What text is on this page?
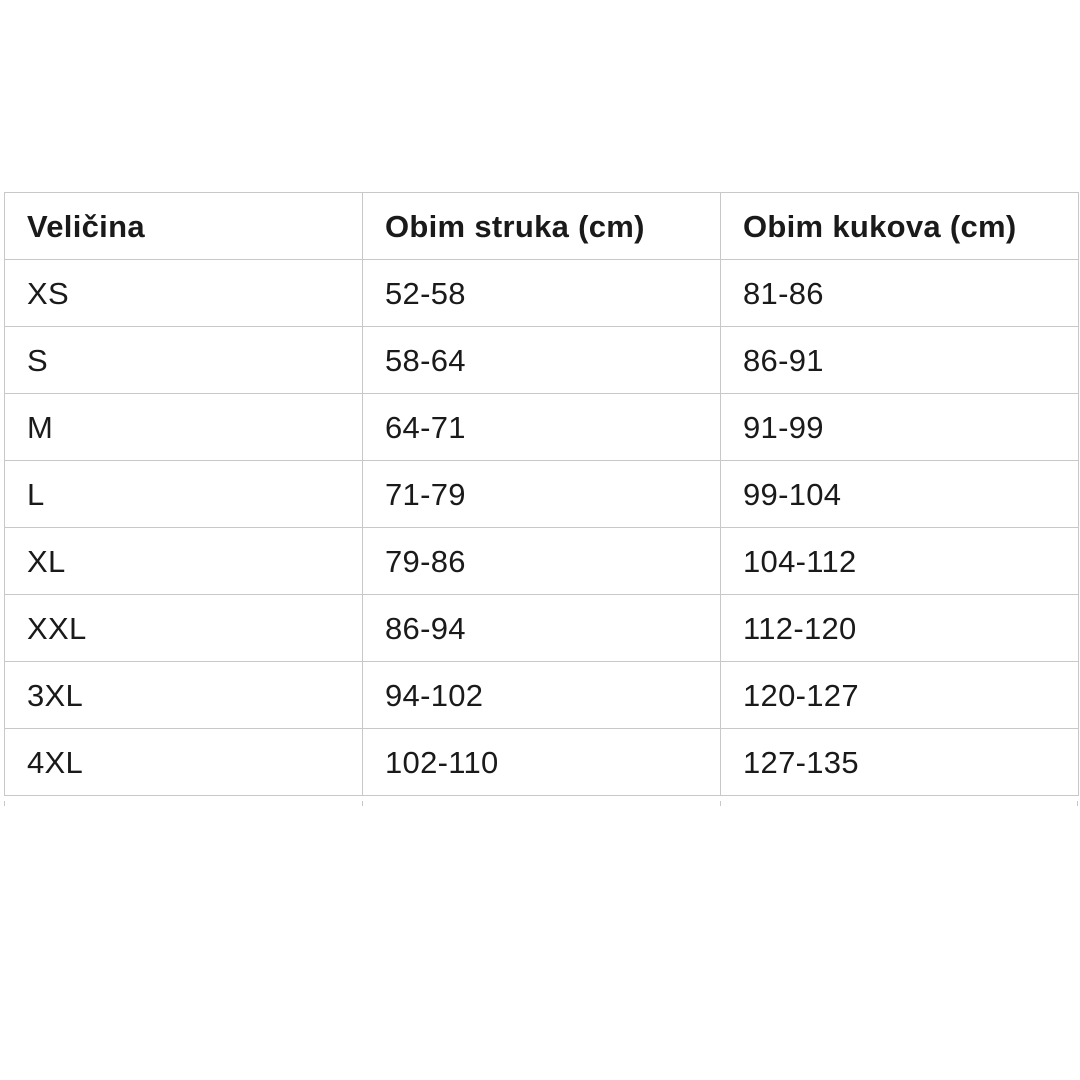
Veličina	Obim struka (cm)	Obim kukova (cm)
XS	52-58	81-86
S	58-64	86-91
M	64-71	91-99
L	71-79	99-104
XL	79-86	104-112
XXL	86-94	112-120
3XL	94-102	120-127
4XL	102-110	127-135
